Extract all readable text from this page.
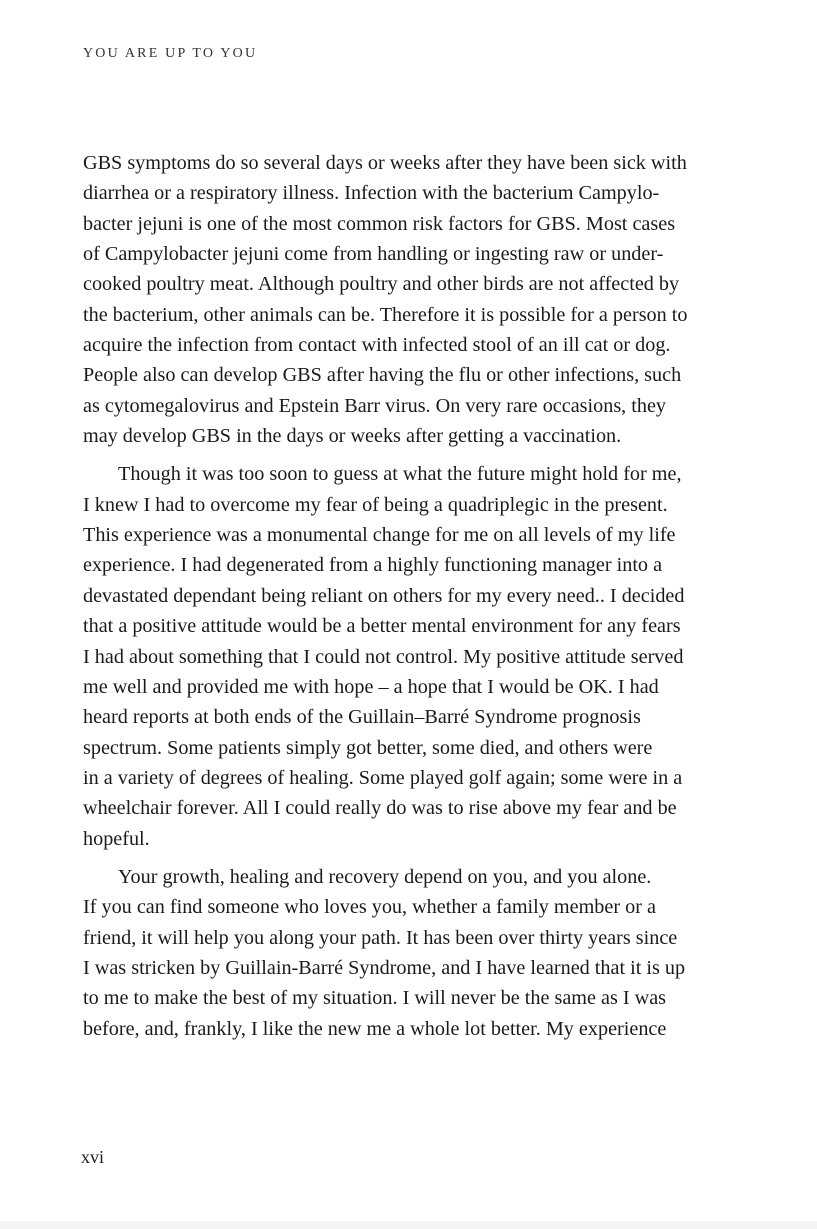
YOU ARE UP TO YOU
GBS symptoms do so several days or weeks after they have been sick with
diarrhea or a respiratory illness. Infection with the bacterium Campylo-
bacter jejuni is one of the most common risk factors for GBS. Most cases
of Campylobacter jejuni come from handling or ingesting raw or under-
cooked poultry meat. Although poultry and other birds are not affected by
the bacterium, other animals can be. Therefore it is possible for a person to
acquire the infection from contact with infected stool of an ill cat or dog.
People also can develop GBS after having the flu or other infections, such
as cytomegalovirus and Epstein Barr virus. On very rare occasions, they
may develop GBS in the days or weeks after getting a vaccination.
Though it was too soon to guess at what the future might hold for me,
I knew I had to overcome my fear of being a quadriplegic in the present.
This experience was a monumental change for me on all levels of my life
experience. I had degenerated from a highly functioning manager into a
devastated dependant being reliant on others for my every need.. I decided
that a positive attitude would be a better mental environment for any fears
I had about something that I could not control. My positive attitude served
me well and provided me with hope – a hope that I would be OK. I had
heard reports at both ends of the Guillain–Barré Syndrome prognosis
spectrum. Some patients simply got better, some died, and others were
in a variety of degrees of healing. Some played golf again; some were in a
wheelchair forever. All I could really do was to rise above my fear and be
hopeful.
Your growth, healing and recovery depend on you, and you alone.
If you can find someone who loves you, whether a family member or a
friend, it will help you along your path. It has been over thirty years since
I was stricken by Guillain-Barré Syndrome, and I have learned that it is up
to me to make the best of my situation. I will never be the same as I was
before, and, frankly, I like the new me a whole lot better. My experience
xvi
